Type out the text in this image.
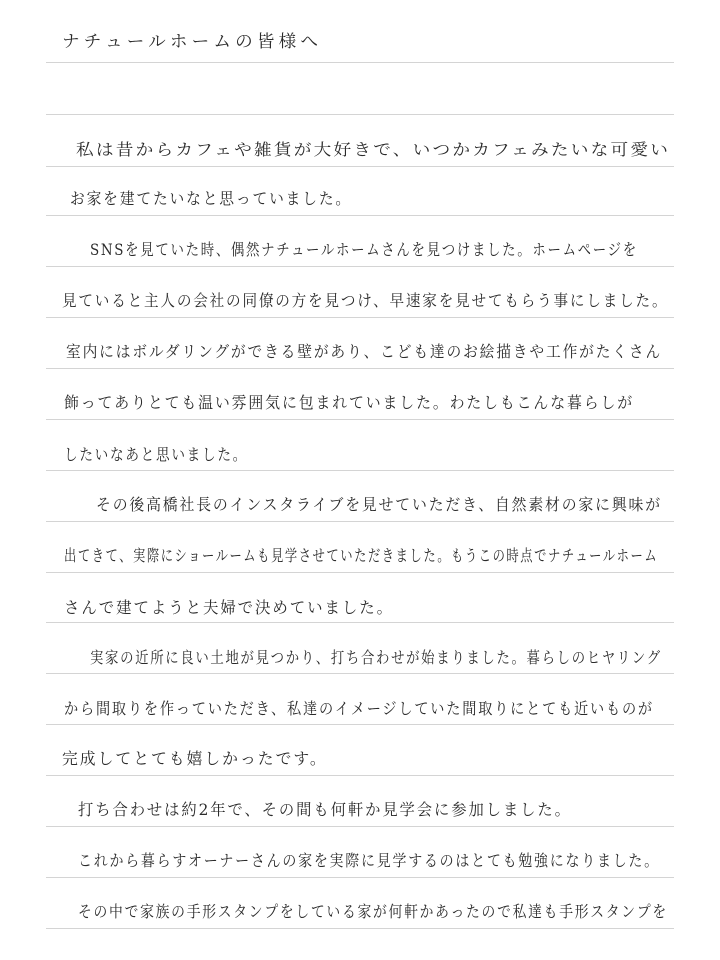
ナチュールホームの皆様へ
私は昔からカフェや雑貨が大好きで、いつかカフェみたいな可愛い
お家を建てたいなと思っていました。
SNSを見ていた時、偶然ナチュールホームさんを見つけました。ホームページを
見ていると主人の会社の同僚の方を見つけ、早速家を見せてもらう事にしました。
室内にはボルダリングができる壁があり、こども達のお絵描きや工作がたくさん
飾ってありとても温い雰囲気に包まれていました。わたしもこんな暮らしが
したいなあと思いました。
その後高橋社長のインスタライブを見せていただき、自然素材の家に興味が
出てきて、実際にショールームも見学させていただきました。もうこの時点でナチュールホーム
さんで建てようと夫婦で決めていました。
実家の近所に良い土地が見つかり、打ち合わせが始まりました。暮らしのヒヤリング
から間取りを作っていただき、私達のイメージしていた間取りにとても近いものが
完成してとても嬉しかったです。
打ち合わせは約2年で、その間も何軒か見学会に参加しました。
これから暮らすオーナーさんの家を実際に見学するのはとても勉強になりました。
その中で家族の手形スタンプをしている家が何軒かあったので私達も手形スタンプを
